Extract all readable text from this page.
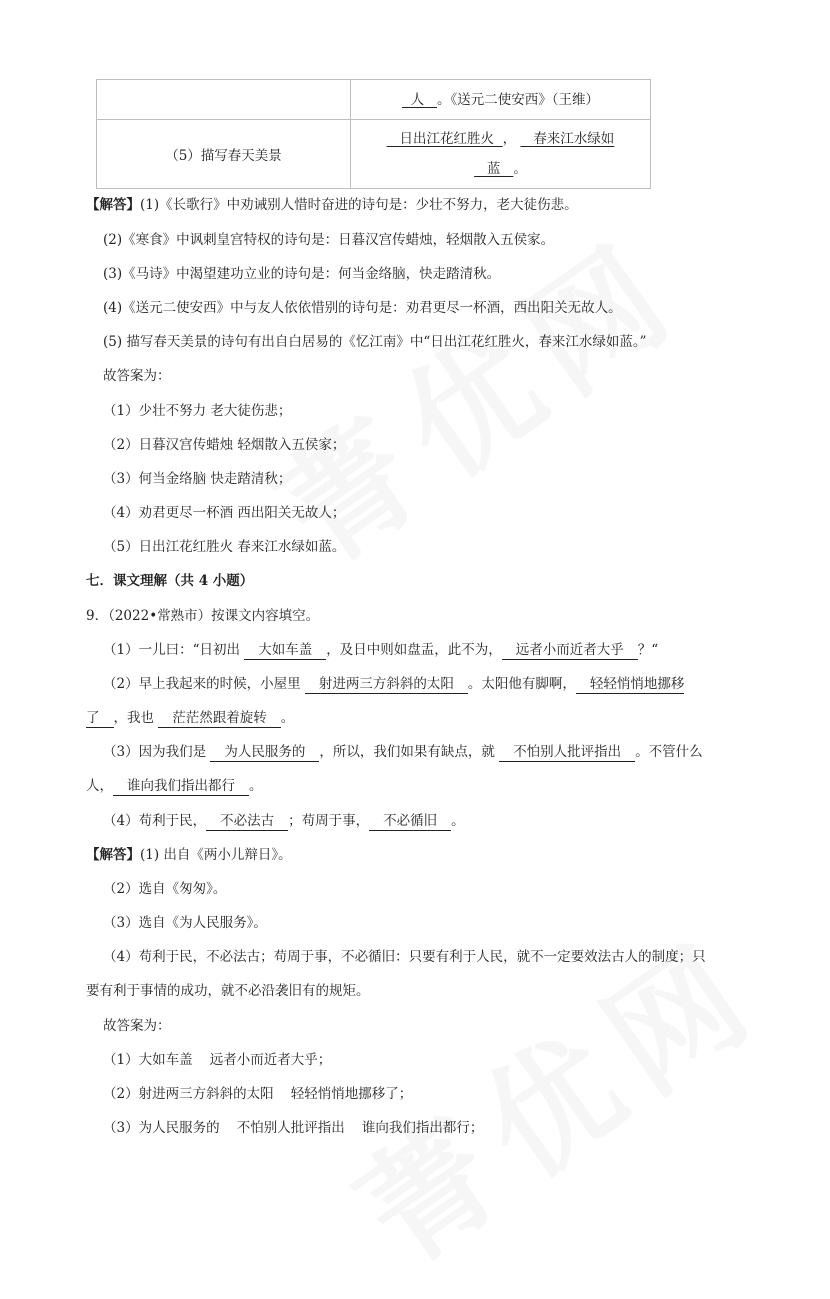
	人 。《送元二使安西》（王维）
（5）描写春天美景	日出江花红胜火 ， 春来江水绿如
蓝 。
【解答】(1)《长歌行》中劝诫别人惜时奋进的诗句是：少壮不努力，老大徒伤悲。
(2)《寒食》中讽刺皇宫特权的诗句是：日暮汉宫传蜡烛，轻烟散入五侯家。
(3)《马诗》中渴望建功立业的诗句是：何当金络脑，快走踏清秋。
(4)《送元二使安西》中与友人依依惜别的诗句是：劝君更尽一杯酒，西出阳关无故人。
(5) 描写春天美景的诗句有出自白居易的《忆江南》中“日出江花红胜火，春来江水绿如蓝。”
故答案为：
（1）少壮不努力 老大徒伤悲；
（2）日暮汉宫传蜡烛 轻烟散入五侯家；
（3）何当金络脑 快走踏清秋；
（4）劝君更尽一杯酒 西出阳关无故人；
（5）日出江花红胜火 春来江水绿如蓝。
七．课文理解（共 4 小题）
9．（2022•常熟市）按课文内容填空。
（1）一儿曰：“日初出 大如车盖 ，及日中则如盘盂，此不为， 远者小而近者大乎 ？“
（2）早上我起来的时候，小屋里 射进两三方斜斜的太阳 。太阳他有脚啊， 轻轻悄悄地挪移
了 ，我也 茫茫然跟着旋转 。
（3）因为我们是 为人民服务的 ，所以，我们如果有缺点，就 不怕别人批评指出 。不管什么
人， 谁向我们指出都行 。
（4）苟利于民， 不必法古 ；苟周于事， 不必循旧 。
【解答】(1) 出自《两小儿辩日》。
（2）选自《匆匆》。
（3）选自《为人民服务》。
（4）苟利于民，不必法古；苟周于事，不必循旧：只要有利于人民，就不一定要效法古人的制度；只
要有利于事情的成功，就不必沿袭旧有的规矩。
故答案为：
（1）大如车盖    远者小而近者大乎；
（2）射进两三方斜斜的太阳    轻轻悄悄地挪移了；
（3）为人民服务的    不怕别人批评指出    谁向我们指出都行；
